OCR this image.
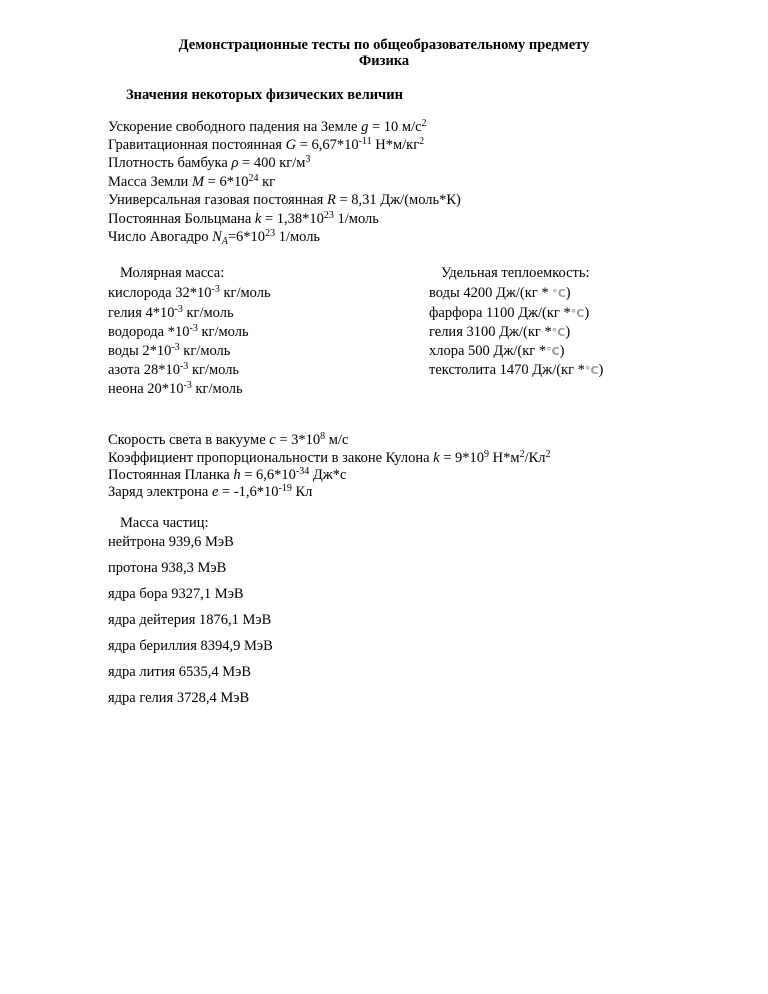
Демонстрационные тесты по общеобразовательному предмету
Физика
Значения некоторых физических величин
Ускорение свободного падения на Земле g = 10 $м/с^2$
Гравитационная постоянная $G = 6,67*10^{-11}$ $Н*м/кг^2$
Плотность бамбука ρ = 400 $кг/м^3$
Масса Земли $M = 6*10^{24}$ кг
Универсальная газовая постоянная R = 8,31 Дж/(моль*К)
Постоянная Больцмана $k = 1,38*10^{23}$ 1/моль
Число Авогадро $N_A=6*10^{23}$ 1/моль
Молярная масса:
кислорода $32*10^{-3}$ кг/моль
гелия $4*10^{-3}$ кг/моль
водорода $*10^{-3}$ кг/моль
воды $2*10^{-3}$ кг/моль
азота $28*10^{-3}$ кг/моль
неона $20*10^{-3}$ кг/моль
Удельная теплоемкость:
воды 4200 Дж/(кг * °C)
фарфора 1100 Дж/(кг *°C)
гелия 3100 Дж/(кг *°C)
хлора 500 Дж/(кг *°C)
текстолита 1470 Дж/(кг *°C)
Скорость света в вакууме $c = 3*10^8$ м/с
Коэффициент пропорциональности в законе Кулона $k = 9*10^9$ $Н*м^2/Кл^2$
Постоянная Планка $h = 6,6*10^{-34}$ Дж*с
Заряд электрона $e = -1,6*10^{-19}$ Кл
Масса частиц:
нейтрона 939,6 МэВ
протона 938,3 МэВ
ядра бора 9327,1 МэВ
ядра дейтерия 1876,1 МэВ
ядра бериллия 8394,9 МэВ
ядра лития 6535,4 МэВ
ядра гелия 3728,4 МэВ
